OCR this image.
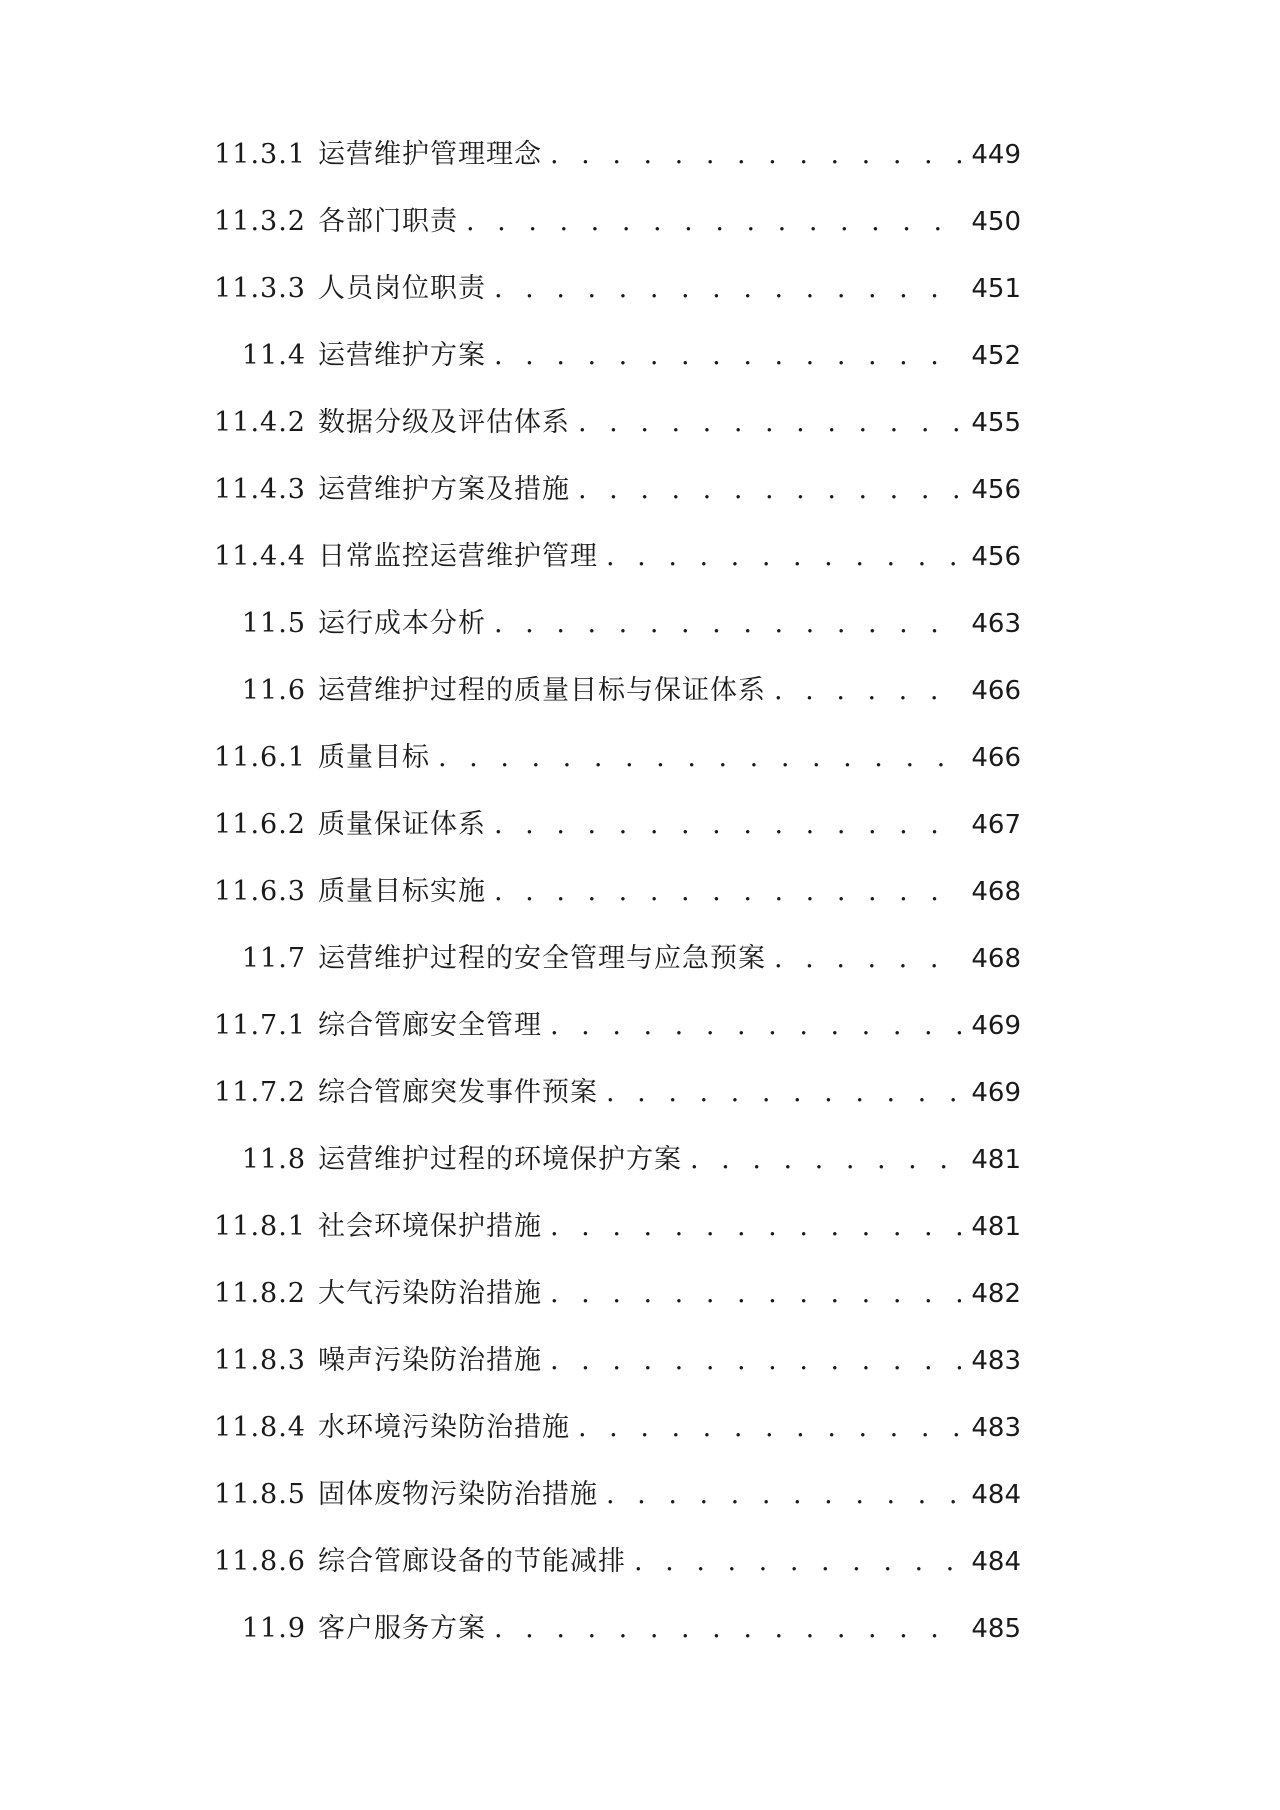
11.3.1 运营维护管理理念 . . .	449
11.3.2 各部门职责 . . .	450
11.3.3 人员岗位职责 . . .	451
11.4 运营维护方案 . . .	452
11.4.2 数据分级及评估体系 . . .	455
11.4.3 运营维护方案及措施 . . .	456
11.4.4 日常监控运营维护管理 . . .	456
11.5 运行成本分析 . . .	463
11.6 运营维护过程的质量目标与保证体系 . . .	466
11.6.1 质量目标 . . .	466
11.6.2 质量保证体系 . . .	467
11.6.3 质量目标实施 . . .	468
11.7 运营维护过程的安全管理与应急预案 . . .	468
11.7.1 综合管廊安全管理 . . .	469
11.7.2 综合管廊突发事件预案 . . .	469
11.8 运营维护过程的环境保护方案 . . .	481
11.8.1 社会环境保护措施 . . .	481
11.8.2 大气污染防治措施 . . .	482
11.8.3 噪声污染防治措施 . . .	483
11.8.4 水环境污染防治措施 . . .	483
11.8.5 固体废物污染防治措施 . . .	484
11.8.6 综合管廊设备的节能减排 . . .	484
11.9 客户服务方案 . . .	485
